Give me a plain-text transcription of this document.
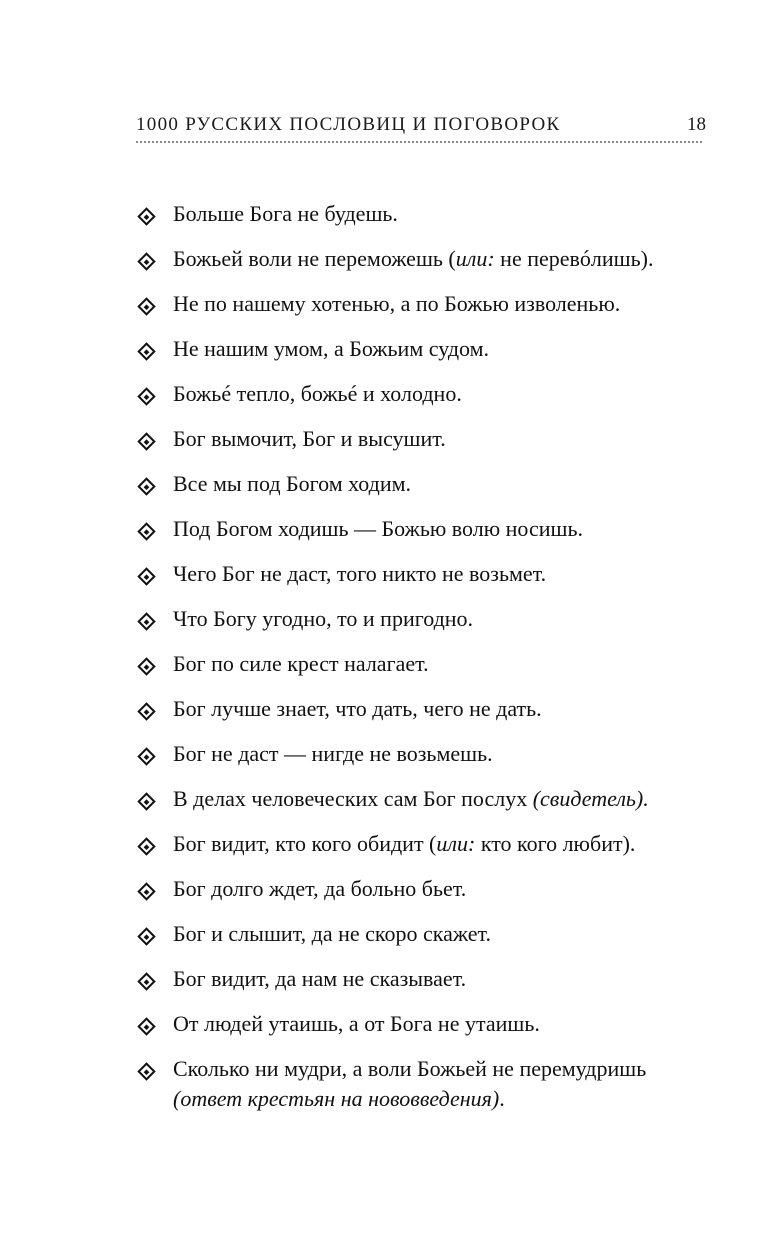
1000 РУССКИХ ПОСЛОВИЦ И ПОГОВОРОК	18
Больше Бога не будешь.
Божьей воли не переможешь (или: не перевóлишь).
Не по нашему хотенью, а по Божью изволенью.
Не нашим умом, а Божьим судом.
Божьé тепло, божьé и холодно.
Бог вымочит, Бог и высушит.
Все мы под Богом ходим.
Под Богом ходишь — Божью волю носишь.
Чего Бог не даст, того никто не возьмет.
Что Богу угодно, то и пригодно.
Бог по силе крест налагает.
Бог лучше знает, что дать, чего не дать.
Бог не даст — нигде не возьмешь.
В делах человеческих сам Бог послух (свидетель).
Бог видит, кто кого обидит (или: кто кого любит).
Бог долго ждет, да больно бьет.
Бог и слышит, да не скоро скажет.
Бог видит, да нам не сказывает.
От людей утаишь, а от Бога не утаишь.
Сколько ни мудри, а воли Божьей не перемудришь
(ответ крестьян на нововведения).
